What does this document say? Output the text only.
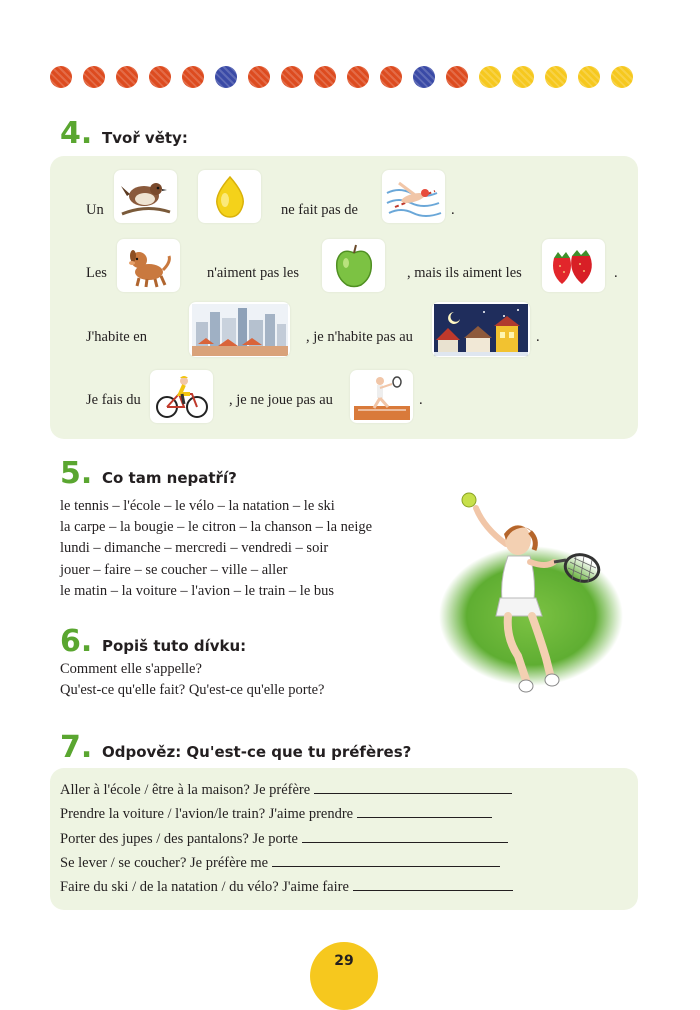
4. Tvoř věty:
Un	ne fait pas de	.
Les	n'aiment pas les	, mais ils aiment les	.
J'habite en	, je n'habite pas au	.
Je fais du	, je ne joue pas au	.
5. Co tam nepatří?
le tennis – l'école – le vélo – la natation – le ski
la carpe – la bougie – le citron – la chanson – la neige
lundi – dimanche – mercredi – vendredi – soir
jouer – faire – se coucher – ville – aller
le matin – la voiture – l'avion – le train – le bus
6. Popiš tuto dívku:
Comment elle s'appelle?
Qu'est-ce qu'elle fait? Qu'est-ce qu'elle porte?
7. Odpověz: Qu'est-ce que tu préfères?
Aller à l'école / être à la maison? Je préfère
Prendre la voiture / l'avion/le train? J'aime prendre
Porter des jupes / des pantalons? Je porte
Se lever / se coucher? Je préfère me
Faire du ski / de la natation / du vélo? J'aime faire
29
